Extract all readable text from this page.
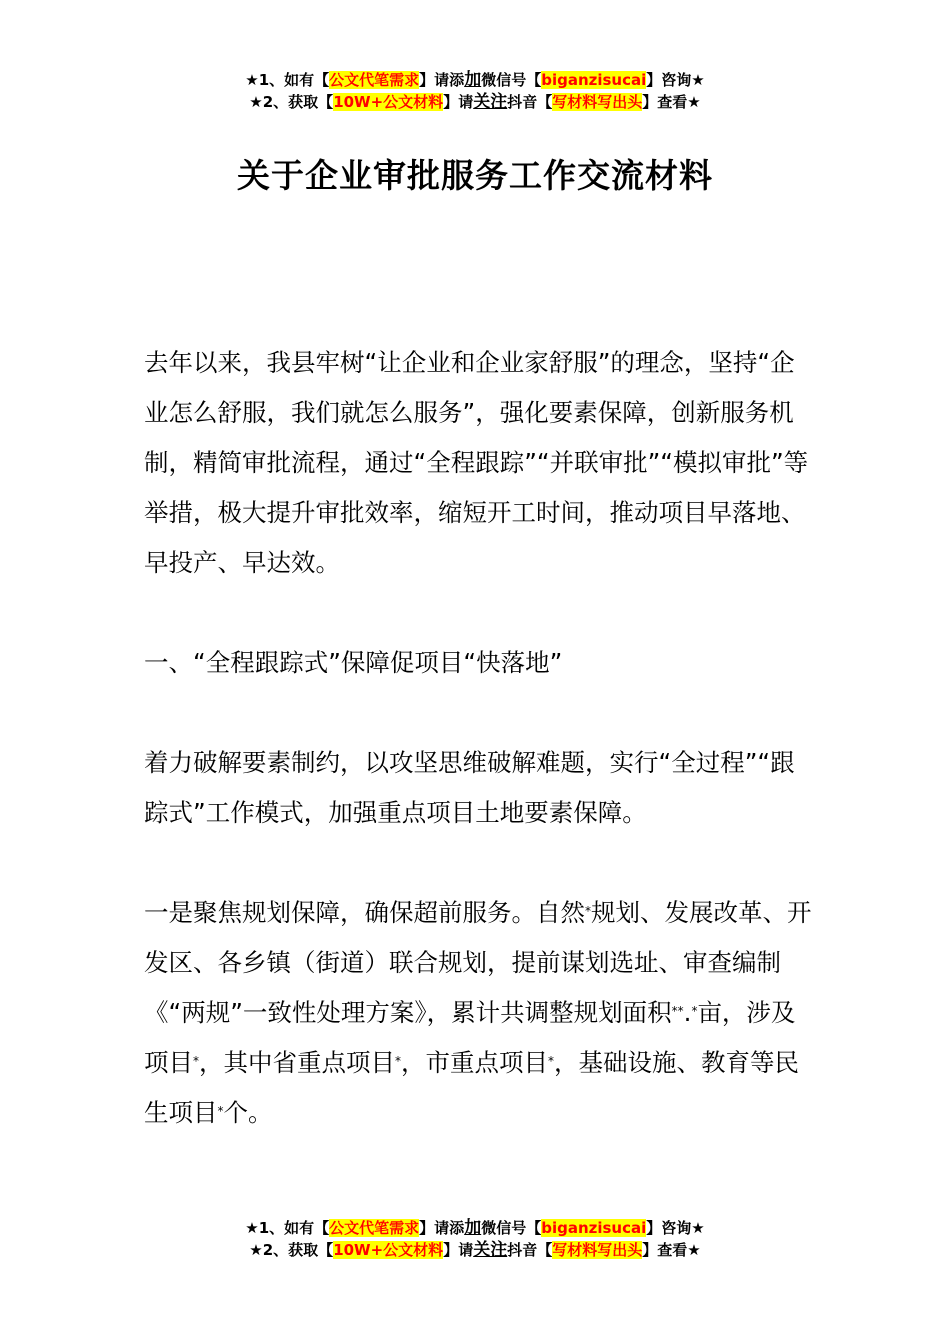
★1、如有【公文代笔需求】请添加微信号【biganzisucai】咨询★
★2、获取【10W+公文材料】请关注抖音【写材料写出头】查看★
关于企业审批服务工作交流材料

去年以来，我县牢树“让企业和企业家舒服”的理念，坚持“企业怎么舒服，我们就怎么服务”，强化要素保障，创新服务机制，精简审批流程，通过“全程跟踪”“并联审批”“模拟审批”等举措，极大提升审批效率，缩短开工时间，推动项目早落地、早投产、早达效。

一、“全程跟踪式”保障促项目“快落地”

着力破解要素制约，以攻坚思维破解难题，实行“全过程”“跟踪式”工作模式，加强重点项目土地要素保障。

一是聚焦规划保障，确保超前服务。自然*规划、发展改革、开发区、各乡镇（街道）联合规划，提前谋划选址、审查编制《“两规”一致性处理方案》，累计共调整规划面积**.*亩，涉及项目*，其中省重点项目*，市重点项目*，基础设施、教育等民生项目*个。

★1、如有【公文代笔需求】请添加微信号【biganzisucai】咨询★
★2、获取【10W+公文材料】请关注抖音【写材料写出头】查看★
